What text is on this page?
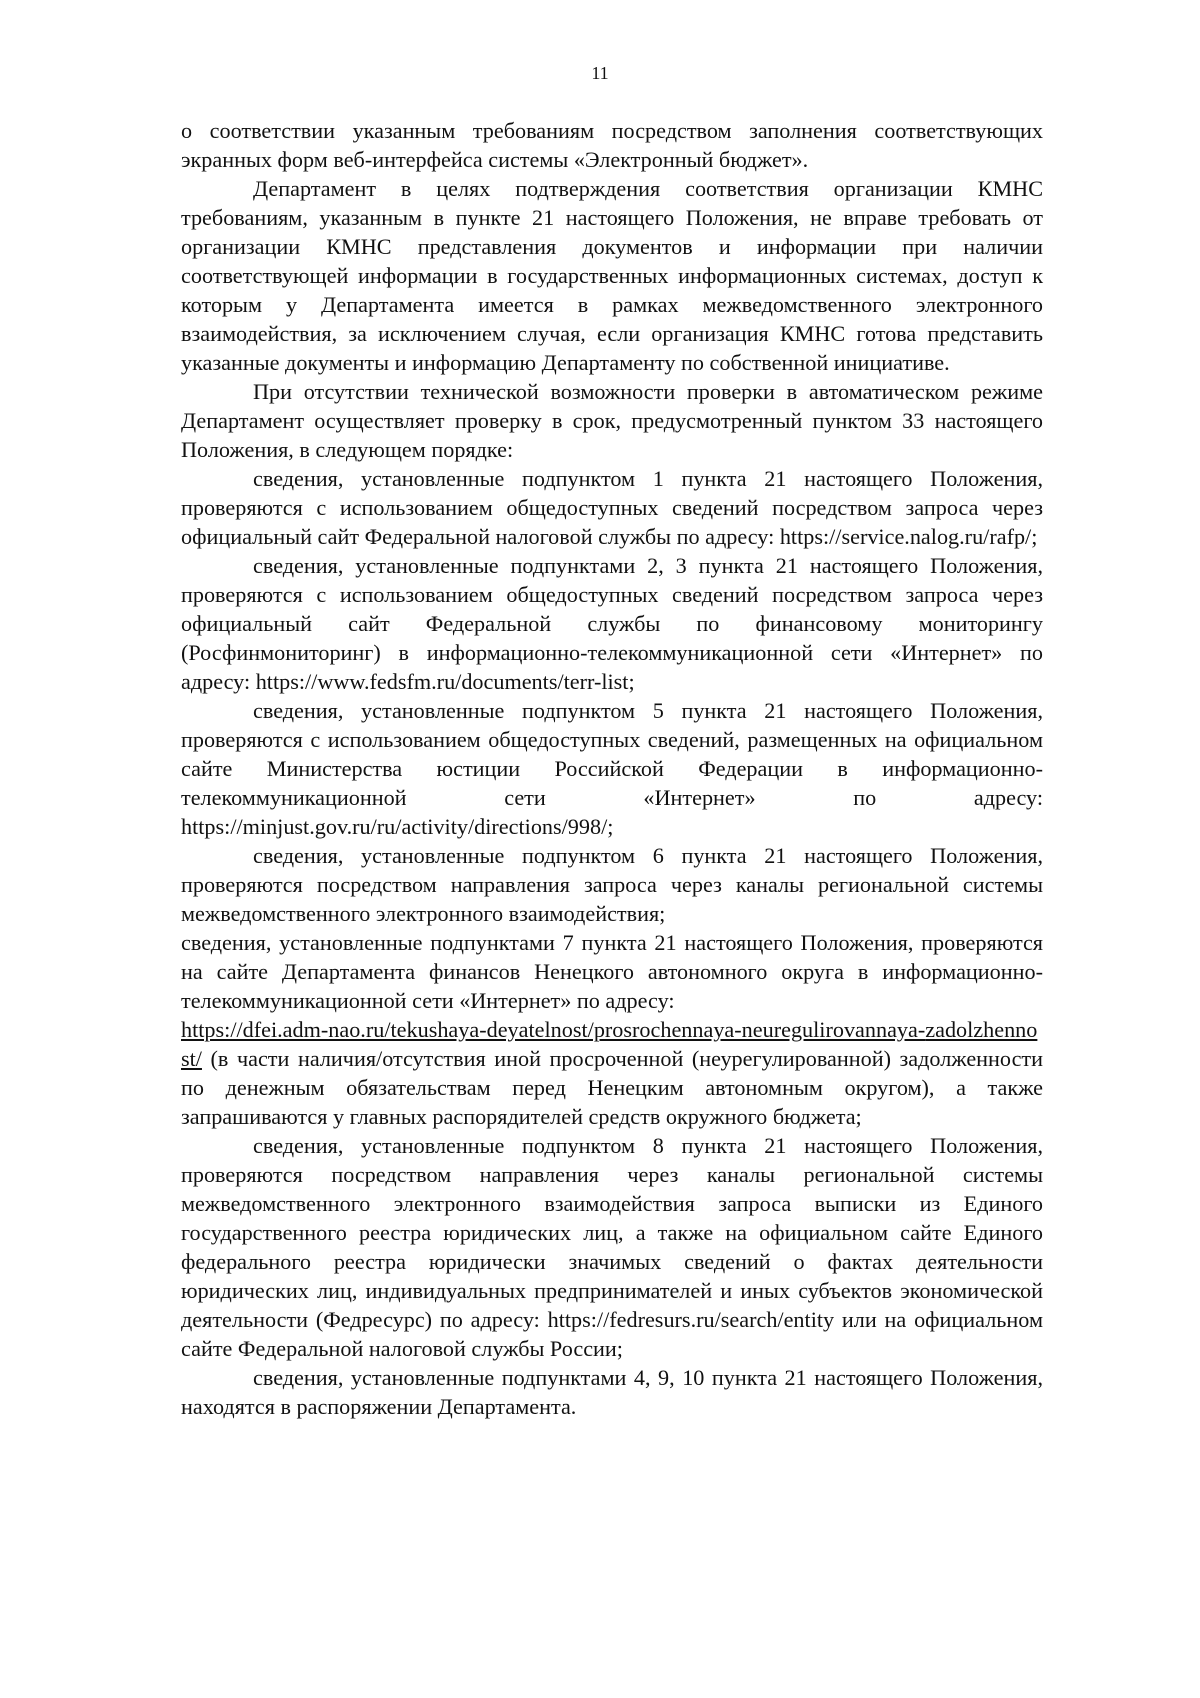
11

о соответствии указанным требованиям посредством заполнения соответствующих экранных форм веб-интерфейса системы «Электронный бюджет».

Департамент в целях подтверждения соответствия организации КМНС требованиям, указанным в пункте 21 настоящего Положения, не вправе требовать от организации КМНС представления документов и информации при наличии соответствующей информации в государственных информационных системах, доступ к которым у Департамента имеется в рамках межведомственного электронного взаимодействия, за исключением случая, если организация КМНС готова представить указанные документы и информацию Департаменту по собственной инициативе.

При отсутствии технической возможности проверки в автоматическом режиме Департамент осуществляет проверку в срок, предусмотренный пунктом 33 настоящего Положения, в следующем порядке:

сведения, установленные подпунктом 1 пункта 21 настоящего Положения, проверяются с использованием общедоступных сведений посредством запроса через официальный сайт Федеральной налоговой службы по адресу: https://service.nalog.ru/rafp/;

сведения, установленные подпунктами 2, 3 пункта 21 настоящего Положения, проверяются с использованием общедоступных сведений посредством запроса через официальный сайт Федеральной службы по финансовому мониторингу (Росфинмониторинг) в информационно-телекоммуникационной сети «Интернет» по адресу: https://www.fedsfm.ru/documents/terr-list;

сведения, установленные подпунктом 5 пункта 21 настоящего Положения, проверяются с использованием общедоступных сведений, размещенных на официальном сайте Министерства юстиции Российской Федерации в информационно-телекоммуникационной сети «Интернет» по адресу: https://minjust.gov.ru/ru/activity/directions/998/;

сведения, установленные подпунктом 6 пункта 21 настоящего Положения, проверяются посредством направления запроса через каналы региональной системы межведомственного электронного взаимодействия;

сведения, установленные подпунктами 7 пункта 21 настоящего Положения, проверяются на сайте Департамента финансов Ненецкого автономного округа в информационно-телекоммуникационной сети «Интернет» по адресу:

https://dfei.adm-nao.ru/tekushaya-deyatelnost/prosrochennaya-neuregulirovannaya-zadolzhennost/ (в части наличия/отсутствия иной просроченной (неурегулированной) задолженности по денежным обязательствам перед Ненецким автономным округом), а также запрашиваются у главных распорядителей средств окружного бюджета;

сведения, установленные подпунктом 8 пункта 21 настоящего Положения, проверяются посредством направления через каналы региональной системы межведомственного электронного взаимодействия запроса выписки из Единого государственного реестра юридических лиц, а также на официальном сайте Единого федерального реестра юридически значимых сведений о фактах деятельности юридических лиц, индивидуальных предпринимателей и иных субъектов экономической деятельности (Федресурс) по адресу: https://fedresurs.ru/search/entity или на официальном сайте Федеральной налоговой службы России;

сведения, установленные подпунктами 4, 9, 10 пункта 21 настоящего Положения, находятся в распоряжении Департамента.
